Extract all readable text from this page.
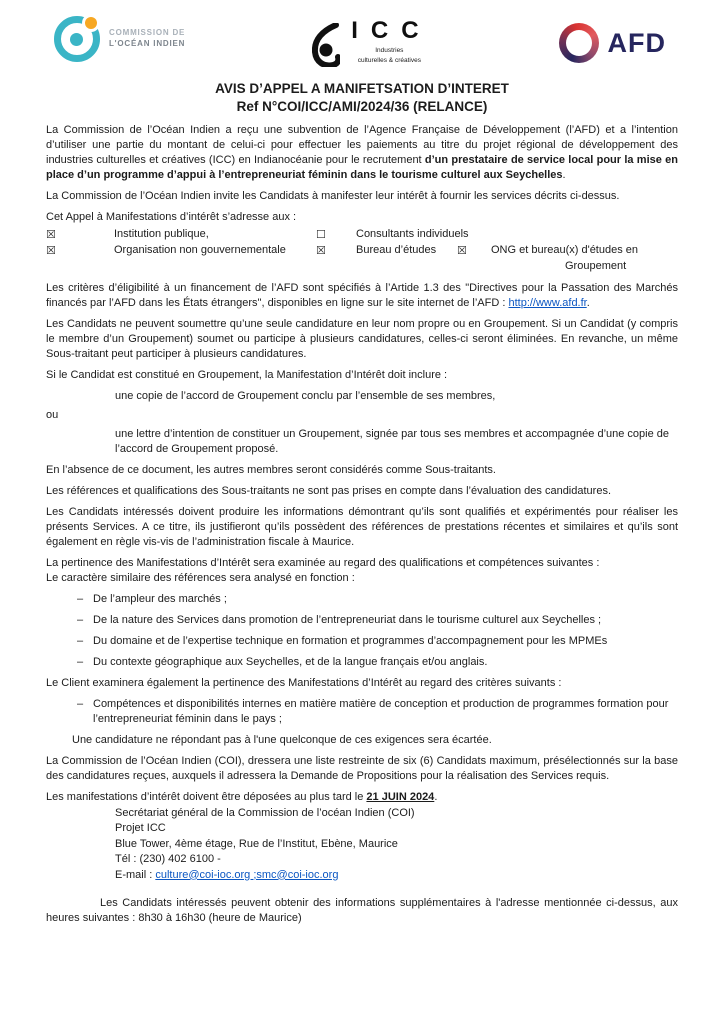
COMMISSION DE
L'OCÉAN INDIEN	ICC
Industries
culturelles & créatives
AFD
AVIS D’APPEL A MANIFETSATION D’INTERET
Ref N°COI/ICC/AMI/2024/36 (RELANCE)

La Commission de l’Océan Indien a reçu une subvention de l’Agence Française de Développement (l’AFD) et a l’intention d’utiliser une partie du montant de celui-ci pour effectuer les paiements au titre du projet régional de développement des industries culturelles et créatives (ICC) en Indianocéanie pour le recrutement d’un prestataire de service local pour la mise en place d’un programme d’appui à l’entrepreneuriat féminin dans le tourisme culturel aux Seychelles.

La Commission de l’Océan Indien invite les Candidats à manifester leur intérêt à fournir les services décrits ci-dessus.

Cet Appel à Manifestations d’intérêt s’adresse aux :

☒	Institution publique,	☐	Consultants individuels
☒	Organisation non gouvernementale	☒	Bureau d’études	☒	ONG et bureau(x) d'études en
Groupement

Les critères d’éligibilité à un financement de l’AFD sont spécifiés à l’Artide 1.3 des "Directives pour la Passation des Marchés financés par l’AFD dans les États étrangers", disponibles en ligne sur le site internet de l’AFD : http://www.afd.fr.

Les Candidats ne peuvent soumettre qu’une seule candidature en leur nom propre ou en Groupement. Si un Candidat (y compris le membre d’un Groupement) soumet ou participe à plusieurs candidatures, celles-ci seront éliminées. En revanche, un même Sous-traitant peut participer à plusieurs candidatures.

Si le Candidat est constitué en Groupement, la Manifestation d’Intérêt doit inclure :

une copie de l’accord de Groupement conclu par l’ensemble de ses membres,

ou

une lettre d’intention de constituer un Groupement, signée par tous ses membres et accompagnée d’une copie de l’accord de Groupement proposé.

En l’absence de ce document, les autres membres seront considérés comme Sous-traitants.

Les références et qualifications des Sous-traitants ne sont pas prises en compte dans l’évaluation des candidatures.

Les Candidats intéressés doivent produire les informations démontrant qu’ils sont qualifiés et expérimentés pour réaliser les présents Services. A ce titre, ils justifieront qu’ils possèdent des références de prestations récentes et similaires et qu’ils sont également en règle vis-vis de l’administration fiscale à Maurice.

La pertinence des Manifestations d’Intérêt sera examinée au regard des qualifications et compétences suivantes :
Le caractère similaire des références sera analysé en fonction :

– De l’ampleur des marchés ;
– De la nature des Services dans promotion de l’entrepreneuriat dans le tourisme culturel aux Seychelles ;
– Du domaine et de l’expertise technique en formation et programmes d’accompagnement pour les MPMEs
– Du contexte géographique aux Seychelles, et de la langue français et/ou anglais.

Le Client examinera également la pertinence des Manifestations d’Intérêt au regard des critères suivants :

– Compétences et disponibilités internes en matière matière de conception et production de programmes formation pour l’entrepreneuriat féminin dans le pays ;

Une candidature ne répondant pas à l'une quelconque de ces exigences sera écartée.

La Commission de l’Océan Indien (COI), dressera une liste restreinte de six (6) Candidats maximum, présélectionnés sur la base des candidatures reçues, auxquels il adressera la Demande de Propositions pour la réalisation des Services requis.

Les manifestations d’intérêt doivent être déposées au plus tard le 21 JUIN 2024.

Secrétariat général de la Commission de l’océan Indien (COI)
Projet ICC
Blue Tower, 4ème étage, Rue de l’Institut, Ebène, Maurice
Tél : (230) 402 6100 -
E-mail : culture@coi-ioc.org ;smc@coi-ioc.org

Les Candidats intéressés peuvent obtenir des informations supplémentaires à l'adresse mentionnée ci-dessus, aux heures suivantes : 8h30 à 16h30 (heure de Maurice)
